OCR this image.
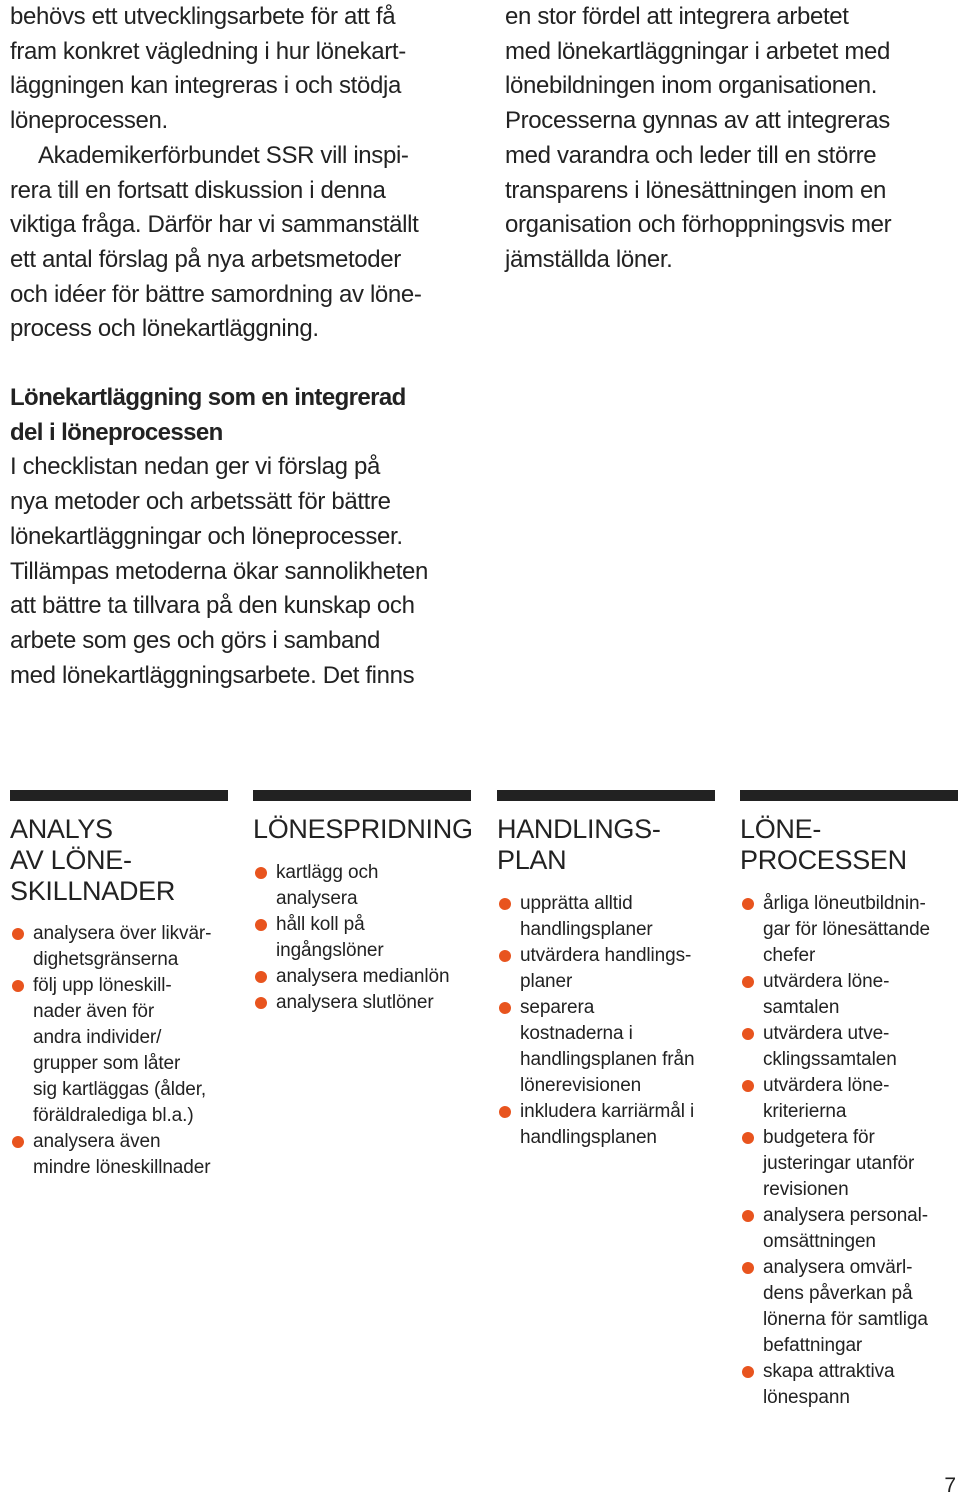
behövs ett utvecklingsarbete för att få
fram konkret vägledning i hur lönekart-
läggningen kan integreras i och stödja
löneprocessen.
Akademikerförbundet SSR vill inspi-
rera till en fortsatt diskussion i denna
viktiga fråga. Därför har vi sammanställt
ett antal förslag på nya arbetsmetoder
och idéer för bättre samordning av löne-
process och lönekartläggning.
en stor fördel att integrera arbetet
med lönekartläggningar i arbetet med
lönebildningen inom organisationen.
Processerna gynnas av att integreras
med varandra och leder till en större
transparens i lönesättningen inom en
organisation och förhoppningsvis mer
jämställda löner.
Lönekartläggning som en integrerad
del i löneprocessen
I checklistan nedan ger vi förslag på
nya metoder och arbetssätt för bättre
lönekartläggningar och löneprocesser.
Tillämpas metoderna ökar sannolikheten
att bättre ta tillvara på den kunskap och
arbete som ges och görs i samband
med lönekartläggningsarbete. Det finns
ANALYS
AV LÖNE-
SKILLNADER
analysera över likvär-
dighetsgränserna
följ upp löneskill-
nader även för
andra individer/
grupper som låter
sig kartläggas (ålder,
föräldralediga bl.a.)
analysera även
mindre löneskillnader
LÖNESPRIDNING
kartlägg och
analysera
håll koll på
ingångslöner
analysera medianlön
analysera slutlöner
HANDLINGS-
PLAN
upprätta alltid
handlingsplaner
utvärdera handlings-
planer
separera
kostnaderna i
handlingsplanen från
lönerevisionen
inkludera karriärmål i
handlingsplanen
LÖNE-
PROCESSEN
årliga löneutbildnin-
gar för lönesättande
chefer
utvärdera löne-
samtalen
utvärdera utve-
cklingssamtalen
utvärdera löne-
kriterierna
budgetera för
justeringar utanför
revisionen
analysera personal-
omsättningen
analysera omvärl-
dens påverkan på
lönerna för samtliga
befattningar
skapa attraktiva
lönespann
7
